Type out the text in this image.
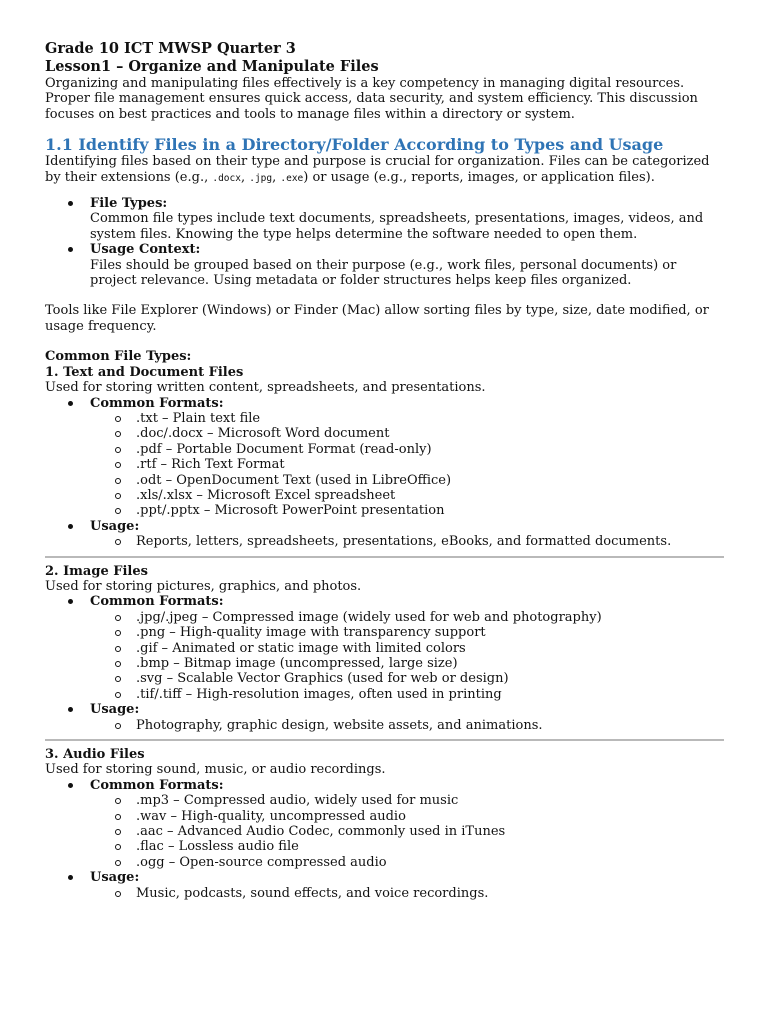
Grade 10 ICT MWSP Quarter 3
Lesson1 – Organize and Manipulate Files

Organizing and manipulating files effectively is a key competency in managing digital resources. Proper file management ensures quick access, data security, and system efficiency. This discussion focuses on best practices and tools to manage files within a directory or system.

1.1 Identify Files in a Directory/Folder According to Types and Usage

Identifying files based on their type and purpose is crucial for organization. Files can be categorized by their extensions (e.g., .docx, .jpg, .exe) or usage (e.g., reports, images, or application files).

File Types:
Common file types include text documents, spreadsheets, presentations, images, videos, and system files. Knowing the type helps determine the software needed to open them.
Usage Context:
Files should be grouped based on their purpose (e.g., work files, personal documents) or project relevance. Using metadata or folder structures helps keep files organized.

Tools like File Explorer (Windows) or Finder (Mac) allow sorting files by type, size, date modified, or usage frequency.

Common File Types:
1. Text and Document Files
Used for storing written content, spreadsheets, and presentations.
Common Formats:
.txt – Plain text file
.doc/.docx – Microsoft Word document
.pdf – Portable Document Format (read-only)
.rtf – Rich Text Format
.odt – OpenDocument Text (used in LibreOffice)
.xls/.xlsx – Microsoft Excel spreadsheet
.ppt/.pptx – Microsoft PowerPoint presentation
Usage:
Reports, letters, spreadsheets, presentations, eBooks, and formatted documents.
2. Image Files
Used for storing pictures, graphics, and photos.
Common Formats:
.jpg/.jpeg – Compressed image (widely used for web and photography)
.png – High-quality image with transparency support
.gif – Animated or static image with limited colors
.bmp – Bitmap image (uncompressed, large size)
.svg – Scalable Vector Graphics (used for web or design)
.tif/.tiff – High-resolution images, often used in printing
Usage:
Photography, graphic design, website assets, and animations.
3. Audio Files
Used for storing sound, music, or audio recordings.
Common Formats:
.mp3 – Compressed audio, widely used for music
.wav – High-quality, uncompressed audio
.aac – Advanced Audio Codec, commonly used in iTunes
.flac – Lossless audio file
.ogg – Open-source compressed audio
Usage:
Music, podcasts, sound effects, and voice recordings.
